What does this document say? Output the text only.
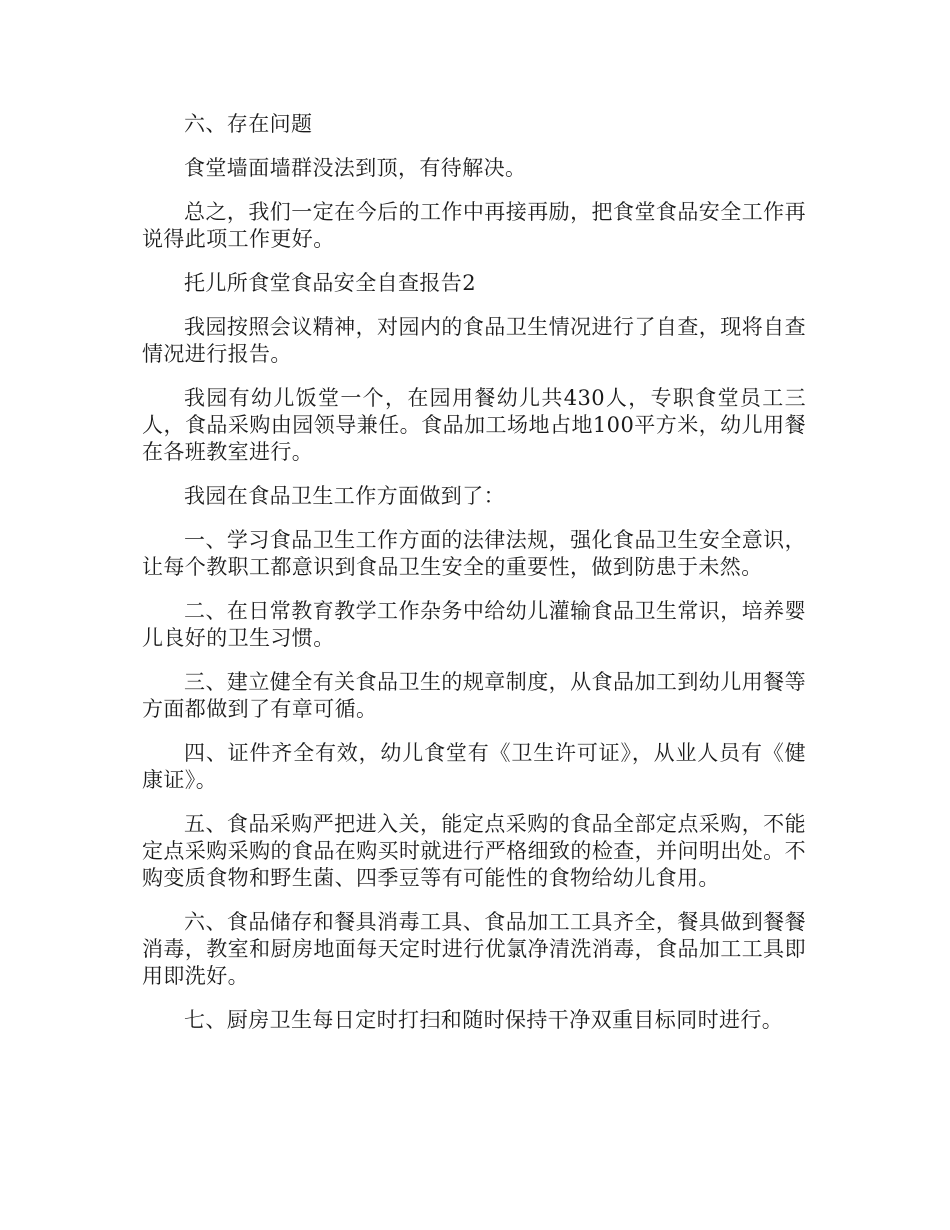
六、存在问题

食堂墙面墙群没法到顶，有待解决。

总之，我们一定在今后的工作中再接再励，把食堂食品安全工作再说得此项工作更好。

托儿所食堂食品安全自查报告2

我园按照会议精神，对园内的食品卫生情况进行了自查，现将自查情况进行报告。

我园有幼儿饭堂一个，在园用餐幼儿共430人，专职食堂员工三人，食品采购由园领导兼任。食品加工场地占地100平方米，幼儿用餐在各班教室进行。

我园在食品卫生工作方面做到了：

一、学习食品卫生工作方面的法律法规，强化食品卫生安全意识，让每个教职工都意识到食品卫生安全的重要性，做到防患于未然。

二、在日常教育教学工作杂务中给幼儿灌输食品卫生常识，培养婴儿良好的卫生习惯。

三、建立健全有关食品卫生的规章制度，从食品加工到幼儿用餐等方面都做到了有章可循。

四、证件齐全有效，幼儿食堂有《卫生许可证》，从业人员有《健康证》。

五、食品采购严把进入关，能定点采购的食品全部定点采购，不能定点采购采购的食品在购买时就进行严格细致的检查，并问明出处。不购变质食物和野生菌、四季豆等有可能性的食物给幼儿食用。

六、食品储存和餐具消毒工具、食品加工工具齐全，餐具做到餐餐消毒，教室和厨房地面每天定时进行优氯净清洗消毒，食品加工工具即用即洗好。

七、厨房卫生每日定时打扫和随时保持干净双重目标同时进行。
